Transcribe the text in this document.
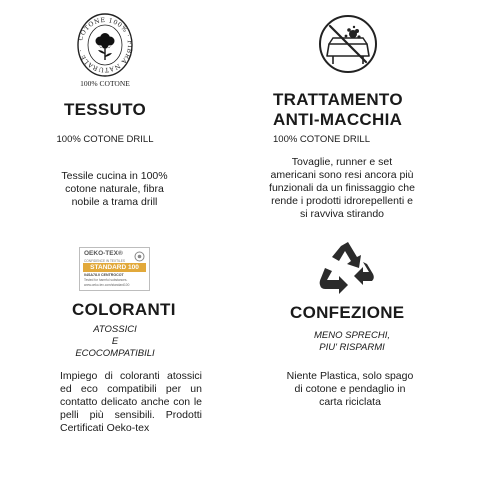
COTONE 100% · FIBRA NATURALE ·
100% COTONE
TESSUTO
100% COTONE DRILL
Tessile cucina in 100% cotone naturale, fibra nobile a trama drill
TRATTAMENTO
ANTI-MACCHIA
100% COTONE DRILL
Tovaglie, runner e set americani sono resi ancora più funzionali da un finissaggio che rende i prodotti idrorepellenti e si ravviva stirando
OEKO-TEX®
CONFIDENCE IN TEXTILES
STANDARD 100
04SA78.0 CENTROCOT
Tested for harmful substances.
www.oeko-tex.com/standard100
COLORANTI
ATOSSICI
E
ECOCOMPATIBILI
Impiego di coloranti atossici ed eco compatibili per un contatto delicato anche con le pelli più sensibili. Prodotti Certificati Oeko-tex
CONFEZIONE
MENO SPRECHI,
PIU' RISPARMI
Niente Plastica, solo spago di cotone e pendaglio in carta riciclata
